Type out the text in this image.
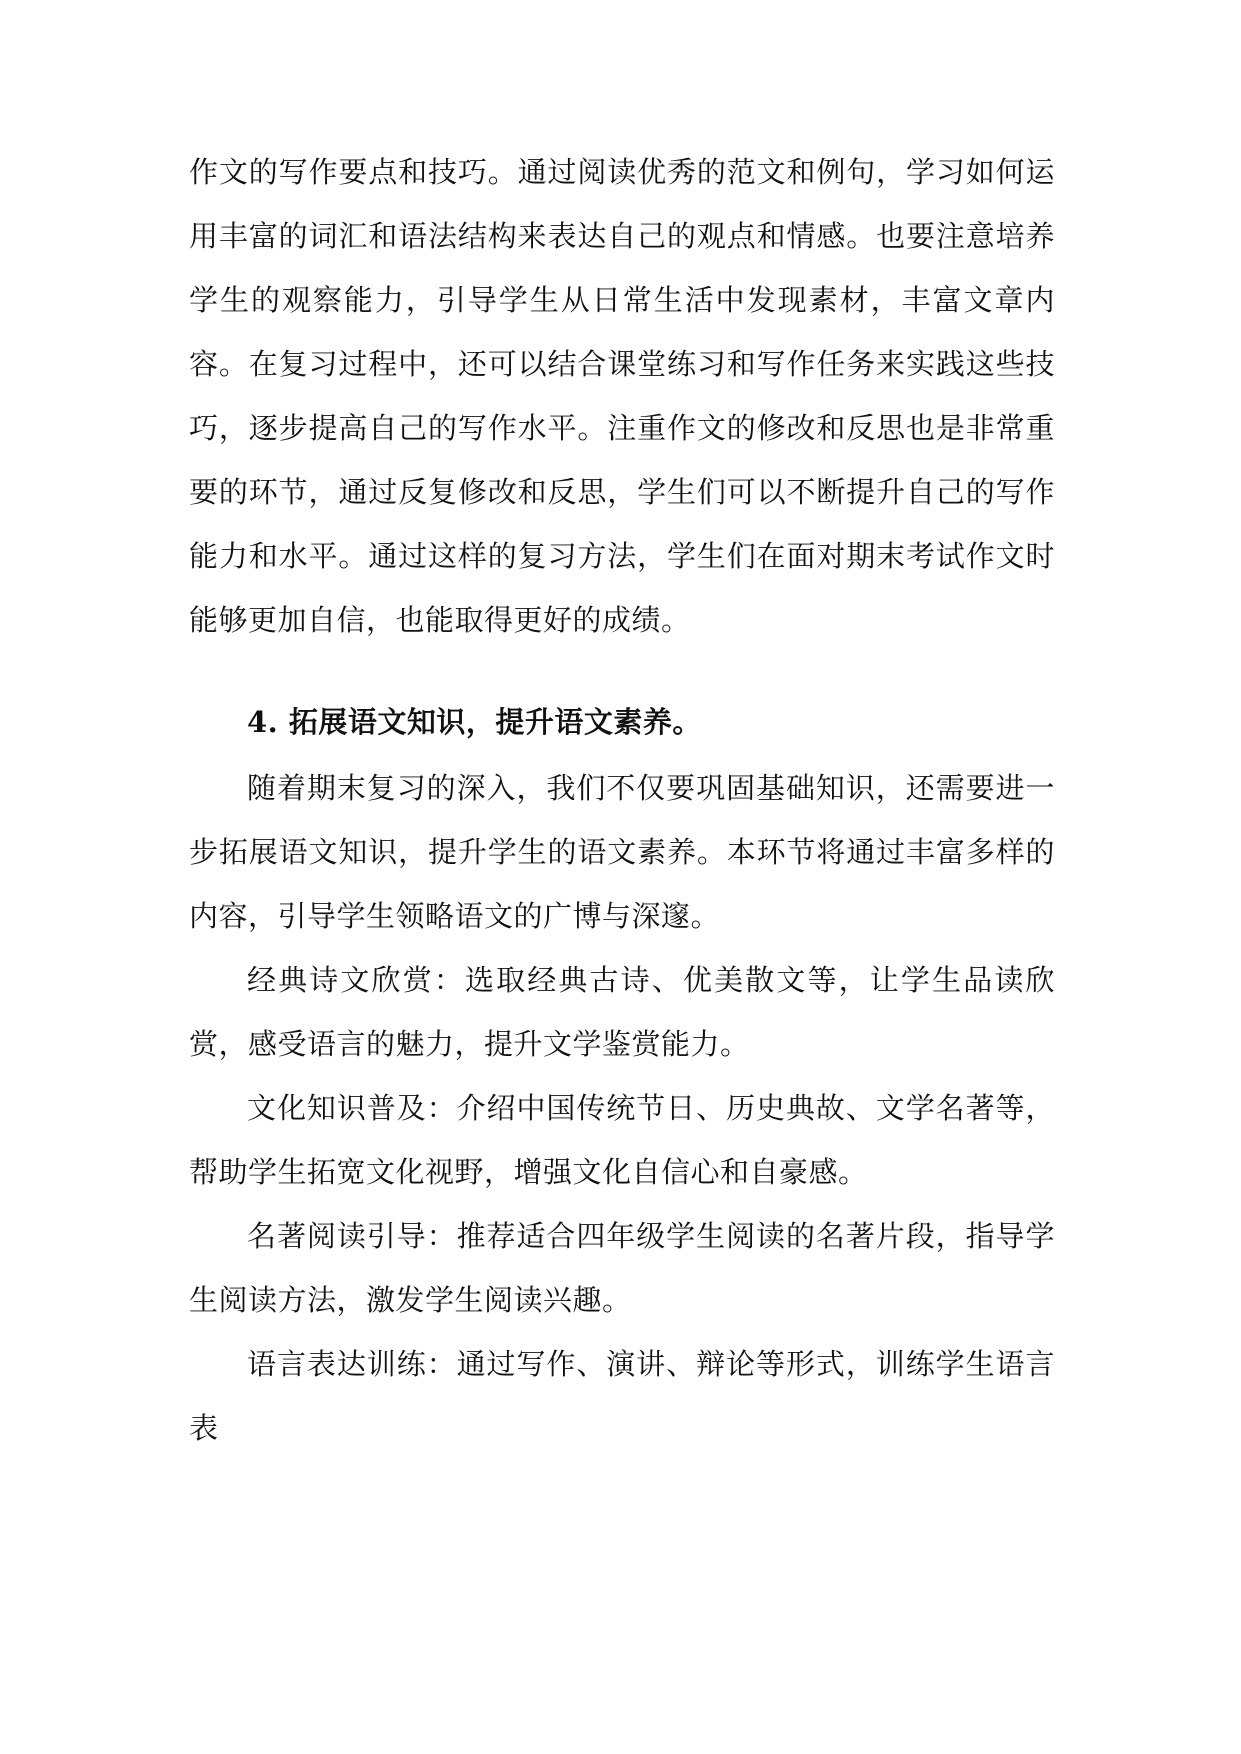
作文的写作要点和技巧。通过阅读优秀的范文和例句，学习如何运用丰富的词汇和语法结构来表达自己的观点和情感。也要注意培养学生的观察能力，引导学生从日常生活中发现素材，丰富文章内容。在复习过程中，还可以结合课堂练习和写作任务来实践这些技巧，逐步提高自己的写作水平。注重作文的修改和反思也是非常重要的环节，通过反复修改和反思，学生们可以不断提升自己的写作能力和水平。通过这样的复习方法，学生们在面对期末考试作文时能够更加自信，也能取得更好的成绩。

4. 拓展语文知识，提升语文素养。

随着期末复习的深入，我们不仅要巩固基础知识，还需要进一步拓展语文知识，提升学生的语文素养。本环节将通过丰富多样的内容，引导学生领略语文的广博与深邃。

经典诗文欣赏：选取经典古诗、优美散文等，让学生品读欣赏，感受语言的魅力，提升文学鉴赏能力。

文化知识普及：介绍中国传统节日、历史典故、文学名著等，帮助学生拓宽文化视野，增强文化自信心和自豪感。

名著阅读引导：推荐适合四年级学生阅读的名著片段，指导学生阅读方法，激发学生阅读兴趣。

语言表达训练：通过写作、演讲、辩论等形式，训练学生语言表
